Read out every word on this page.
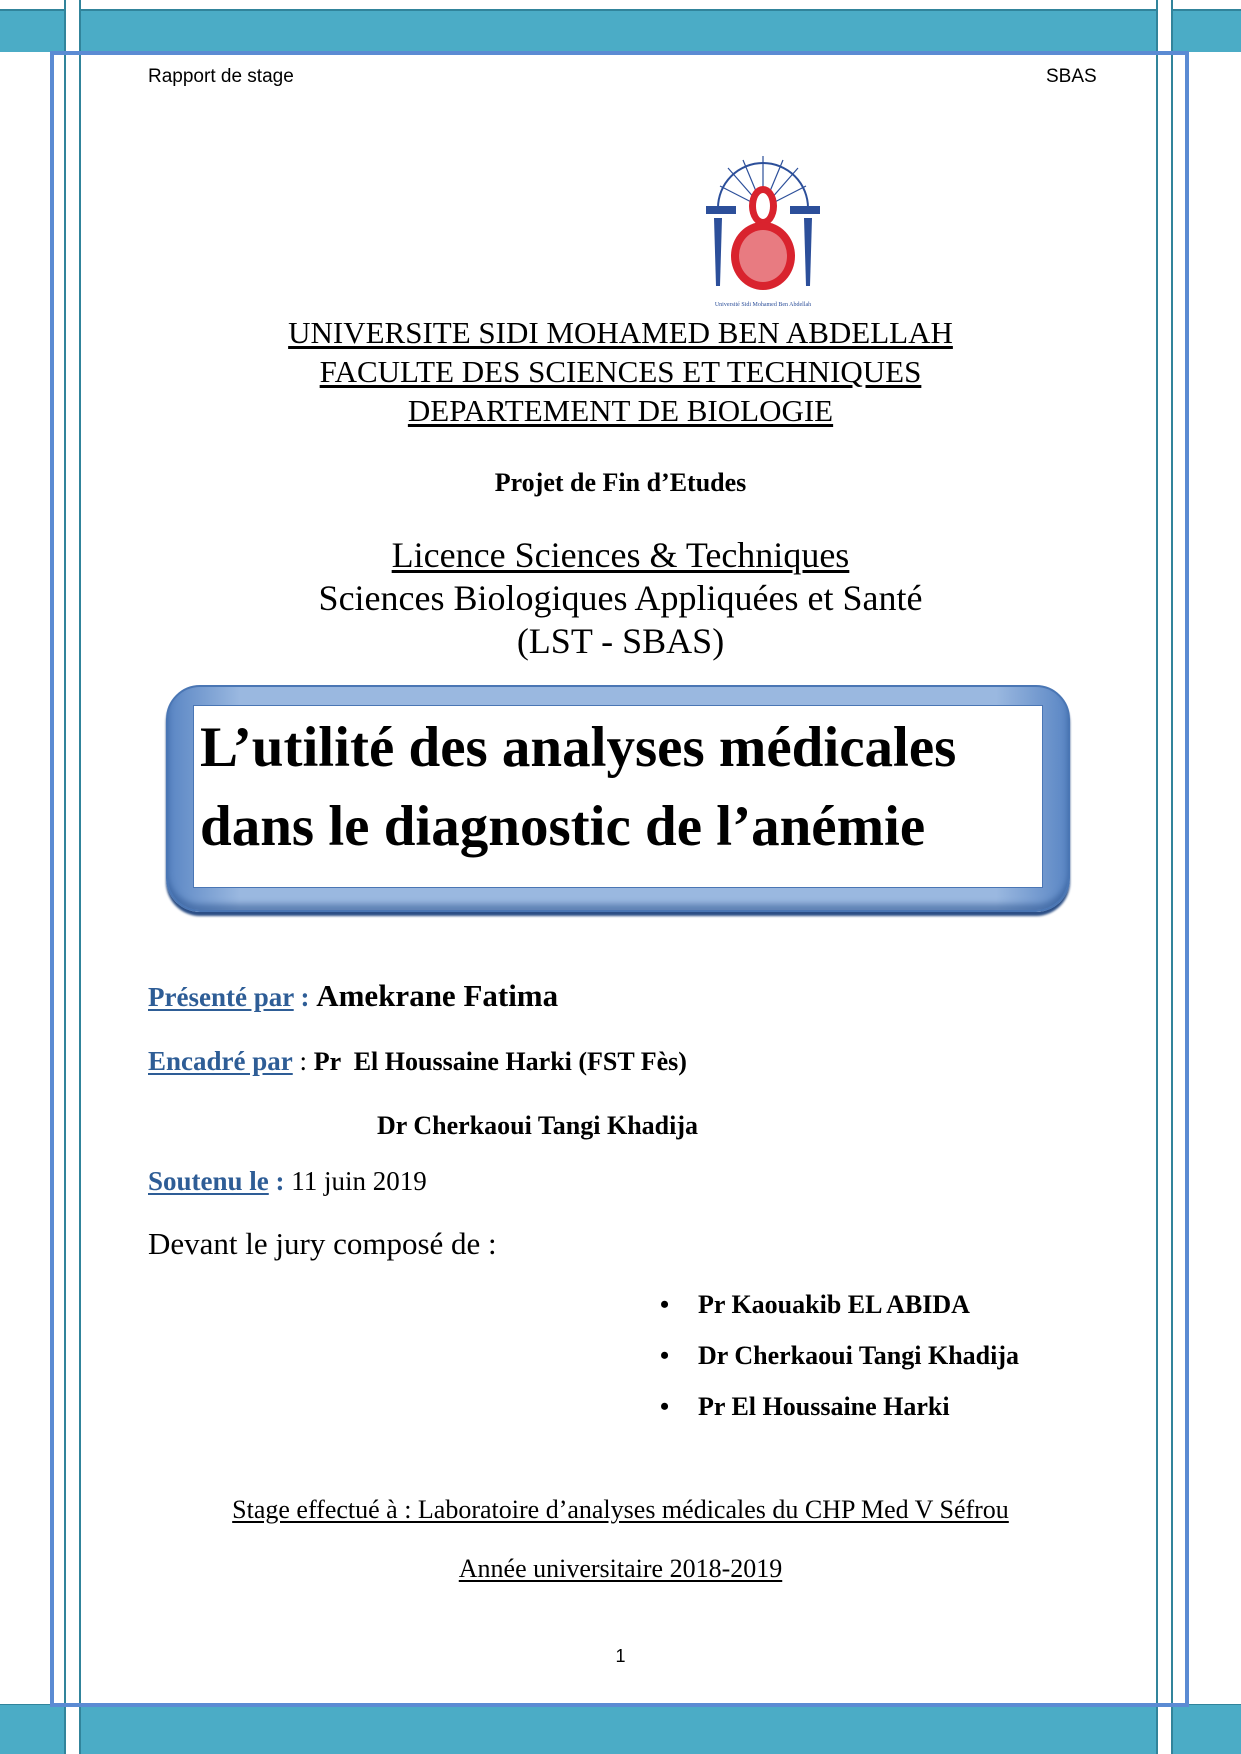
Rapport de stage	SBAS
Université Sidi Mohamed Ben Abdellah
UNIVERSITE SIDI MOHAMED BEN ABDELLAH
FACULTE DES SCIENCES ET TECHNIQUES
DEPARTEMENT DE BIOLOGIE
Projet de Fin d’Etudes
Licence Sciences & Techniques
Sciences Biologiques Appliquées et Santé
(LST - SBAS)
L’utilité des analyses médicales
dans le diagnostic de l’anémie
Présenté par : Amekrane Fatima
Encadré par : Pr  El Houssaine Harki (FST Fès)
Dr Cherkaoui Tangi Khadija
Soutenu le : 11 juin 2019
Devant le jury composé de :
• Pr Kaouakib EL ABIDA
• Dr Cherkaoui Tangi Khadija
• Pr El Houssaine Harki
Stage effectué à : Laboratoire d’analyses médicales du CHP Med V Séfrou
Année universitaire 2018-2019
1
